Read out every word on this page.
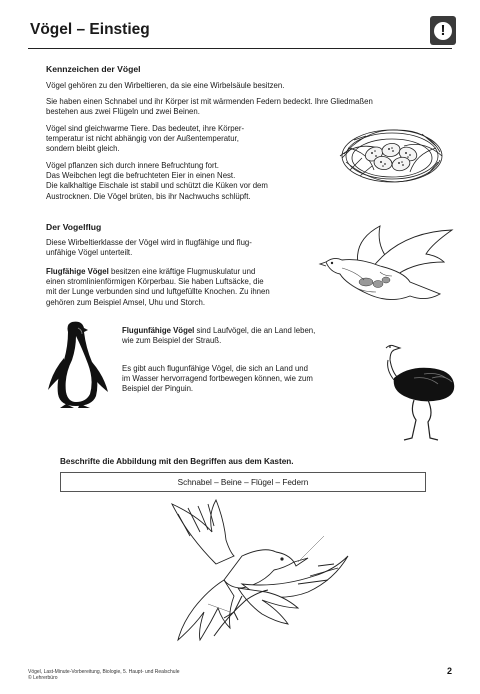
Vögel – Einstieg	!
Kennzeichen der Vögel

Vögel gehören zu den Wirbeltieren, da sie eine Wirbelsäule besitzen.

Sie haben einen Schnabel und ihr Körper ist mit wärmenden Federn bedeckt. Ihre Gliedmaßen
bestehen aus zwei Flügeln und zwei Beinen.

Vögel sind gleichwarme Tiere. Das bedeutet, ihre Körper-
temperatur ist nicht abhängig von der Außentemperatur,
sondern bleibt gleich.

Vögel pflanzen sich durch innere Befruchtung fort.
Das Weibchen legt die befruchteten Eier in einen Nest.
Die kalkhaltige Eischale ist stabil und schützt die Küken vor dem
Austrocknen. Die Vögel brüten, bis ihr Nachwuchs schlüpft.

Der Vogelflug

Diese Wirbeltierklasse der Vögel wird in flugfähige und flug-
unfähige Vögel unterteilt.

Flugfähige Vögel besitzen eine kräftige Flugmuskulatur und
einen stromlinienförmigen Körperbau. Sie haben Luftsäcke, die
mit der Lunge verbunden sind und luftgefüllte Knochen. Zu ihnen
gehören zum Beispiel Amsel, Uhu und Storch.

Flugunfähige Vögel sind Laufvögel, die an Land leben,
wie zum Beispiel der Strauß.

Es gibt auch flugunfähige Vögel, die sich an Land und
im Wasser hervorragend fortbewegen können, wie zum
Beispiel der Pinguin.

Beschrifte die Abbildung mit den Begriffen aus dem Kasten.

Schnabel – Beine – Flügel – Federn

Vögel, Last-Minute-Vorbereitung, Biologie, 5. Haupt- und Realschule
© Lehrerbüro

2
